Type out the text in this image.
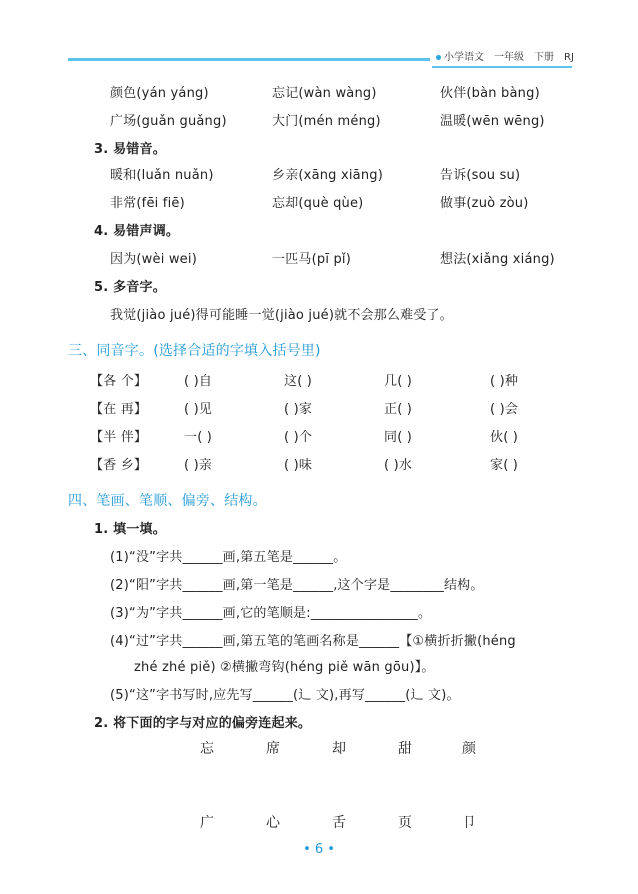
小学语文 一年级 下册 RJ
颜色(yán yáng)	忘记(wàn wàng)	伙伴(bàn bàng)
广场(guǎn guǎng)	大门(mén méng)	温暖(wēn wēng)
3. 易错音。
暖和(luǎn nuǎn)	乡亲(xāng xiāng)	告诉(sou su)
非常(fēi fiē)	忘却(què qùe)	做事(zuò zòu)
4. 易错声调。
因为(wèi wei)	一匹马(pī pǐ)	想法(xiǎng xiáng)
5. 多音字。
我觉(jiào jué)得可能睡一觉(jiào jué)就不会那么难受了。
三、同音字。(选择合适的字填入括号里)
【各 个】	( )自	这( )	几( )	( )种
【在 再】	( )见	( )家	正( )	( )会
【半 伴】	一( )	( )个	同( )	伙( )
【香 乡】	( )亲	( )味	( )水	家( )
四、笔画、笔顺、偏旁、结构。
1. 填一填。
(1)“没”字共______画,第五笔是______。
(2)“阳”字共______画,第一笔是______,这个字是________结构。
(3)“为”字共______画,它的笔顺是:________________。
(4)“过”字共______画,第五笔的笔画名称是______【①横折折撇(héng
zhé zhé piě) ②横撇弯钩(héng piě wān gōu)】。
(5)“这”字书写时,应先写______(辶 文),再写______(辶 文)。
2. 将下面的字与对应的偏旁连起来。
忘	席	却	甜	颜
广	心	舌	页	卩
• 6 •
